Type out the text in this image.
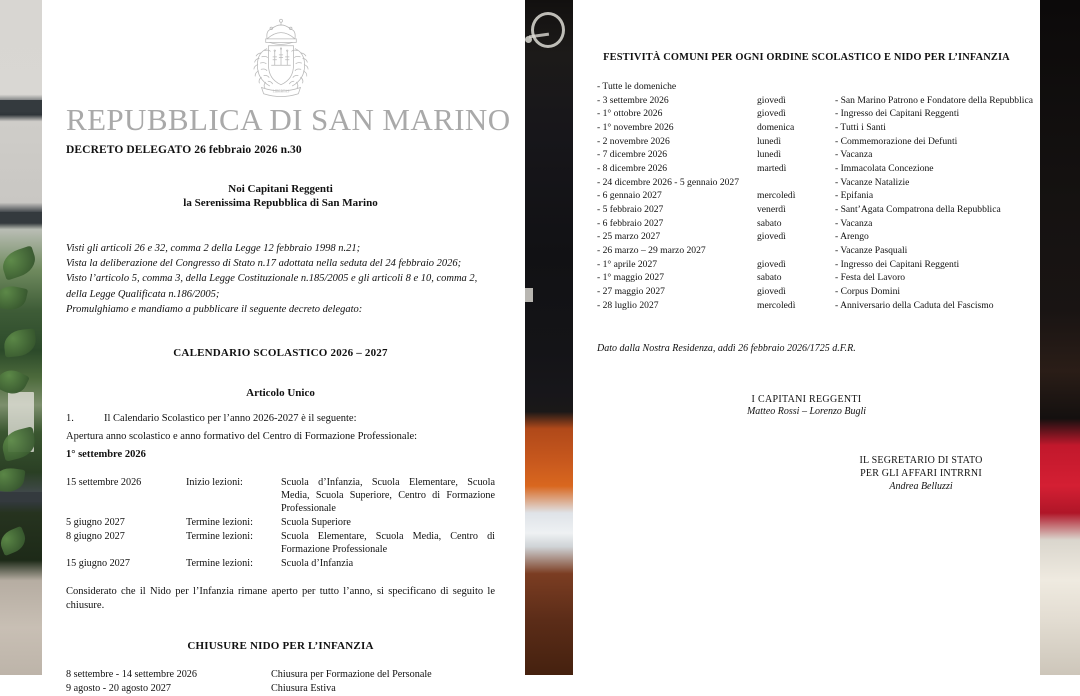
LIBERTAS
REPUBBLICA DI SAN MARINO
DECRETO DELEGATO 26 febbraio 2026 n.30
Noi Capitani Reggenti
la Serenissima Repubblica di San Marino
Visti gli articoli 26 e 32, comma 2 della Legge 12 febbraio 1998 n.21;
Vista la deliberazione del Congresso di Stato n.17 adottata nella seduta del 24 febbraio 2026;
Visto l’articolo 5, comma 3, della Legge Costituzionale n.185/2005 e gli articoli 8 e 10, comma 2,
della Legge Qualificata n.186/2005;
Promulghiamo e mandiamo a pubblicare il seguente decreto delegato:
CALENDARIO SCOLASTICO 2026 – 2027
Articolo Unico
1.	Il Calendario Scolastico per l’anno 2026-2027 è il seguente:
Apertura anno scolastico e anno formativo del Centro di Formazione Professionale:
1° settembre 2026
15 settembre 2026	Inizio lezioni:	Scuola d’Infanzia, Scuola Elementare, Scuola Media, Scuola Superiore, Centro di Formazione Professionale
5 giugno 2027	Termine lezioni:	Scuola Superiore
8 giugno 2027	Termine lezioni:	Scuola Elementare, Scuola Media, Centro di Formazione Professionale
15 giugno 2027	Termine lezioni:	Scuola d’Infanzia
Considerato che il Nido per l’Infanzia rimane aperto per tutto l’anno, si specificano di seguito le chiusure.
CHIUSURE NIDO PER L’INFANZIA
8 settembre - 14 settembre 2026	Chiusura per Formazione del Personale
9 agosto - 20 agosto 2027	Chiusura Estiva
FESTIVITÀ COMUNI PER OGNI ORDINE SCOLASTICO E NIDO PER L’INFANZIA
- Tutte le domeniche		
- 3 settembre 2026	giovedì	- San Marino Patrono e Fondatore della Repubblica
- 1° ottobre 2026	giovedì	- Ingresso dei Capitani Reggenti
- 1° novembre 2026	domenica	- Tutti i Santi
- 2 novembre 2026	lunedì	- Commemorazione dei Defunti
- 7 dicembre 2026	lunedì	- Vacanza
- 8 dicembre 2026	martedì	- Immacolata Concezione
- 24 dicembre 2026 - 5 gennaio 2027		- Vacanze Natalizie
- 6 gennaio 2027	mercoledì	- Epifania
- 5 febbraio 2027	venerdì	- Sant’Agata Compatrona della Repubblica
- 6 febbraio 2027	sabato	- Vacanza
- 25 marzo 2027	giovedì	- Arengo
- 26 marzo – 29 marzo 2027		- Vacanze Pasquali
- 1° aprile 2027	giovedì	- Ingresso dei Capitani Reggenti
- 1° maggio 2027	sabato	- Festa del Lavoro
- 27 maggio 2027	giovedì	- Corpus Domini
- 28 luglio 2027	mercoledì	- Anniversario della Caduta del Fascismo
Dato dalla Nostra Residenza, addì 26 febbraio 2026/1725 d.F.R.
I CAPITANI REGGENTI
Matteo Rossi – Lorenzo Bugli
IL SEGRETARIO DI STATO
PER GLI AFFARI INTRRNI
Andrea Belluzzi
